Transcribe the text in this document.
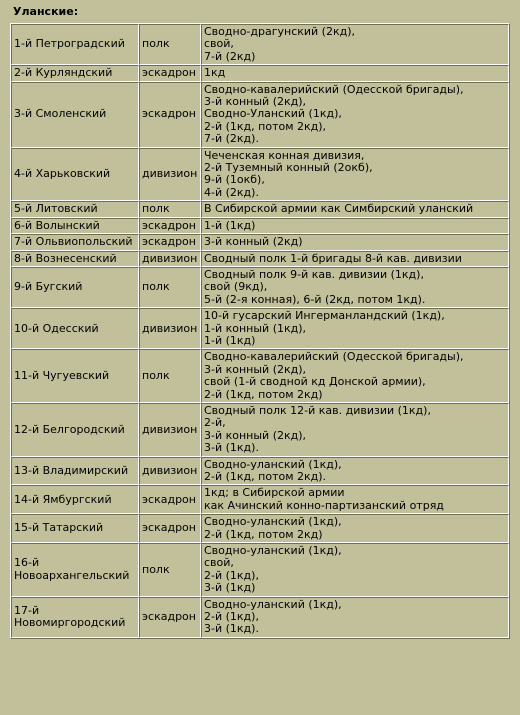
Уланские:
1-й Петроградский	полк	Сводно-драгунский (2кд),
свой,
7-й (2кд)
2-й Курляндский	эскадрон	1кд
3-й Смоленский	эскадрон	Сводно-кавалерийский (Одесской бригады),
3-й конный (2кд),
Сводно-Уланский (1кд),
2-й (1кд, потом 2кд),
7-й (2кд).
4-й Харьковский	дивизион	Чеченская конная дивизия,
2-й Туземный конный (2окб),
9-й (1окб),
4-й (2кд).
5-й Литовский	полк	В Сибирской армии как Симбирский уланский
6-й Волынский	эскадрон	1-й (1кд)
7-й Ольвиопольский	эскадрон	3-й конный (2кд)
8-й Вознесенский	дивизион	Сводный полк 1-й бригады 8-й кав. дивизии
9-й Бугский	полк	Сводный полк 9-й кав. дивизии (1кд),
свой (9кд),
5-й (2-я конная), 6-й (2кд, потом 1кд).
10-й Одесский	дивизион	10-й гусарский Ингерманландский (1кд),
1-й конный (1кд),
1-й (1кд)
11-й Чугуевский	полк	Сводно-кавалерийский (Одесской бригады),
3-й конный (2кд),
свой (1-й сводной кд Донской армии),
2-й (1кд, потом 2кд)
12-й Белгородский	дивизион	Сводный полк 12-й кав. дивизии (1кд),
2-й,
3-й конный (2кд),
3-й (1кд).
13-й Владимирский	дивизион	Сводно-уланский (1кд),
2-й (1кд, потом 2кд).
14-й Ямбургский	эскадрон	1кд; в Сибирской армии
как Ачинский конно-партизанский отряд
15-й Татарский	эскадрон	Сводно-уланский (1кд),
2-й (1кд, потом 2кд)
16-й
Новоархангельский	полк	Сводно-уланский (1кд),
свой,
2-й (1кд),
3-й (1кд)
17-й
Новомиргородский	эскадрон	Сводно-уланский (1кд),
2-й (1кд),
3-й (1кд).
